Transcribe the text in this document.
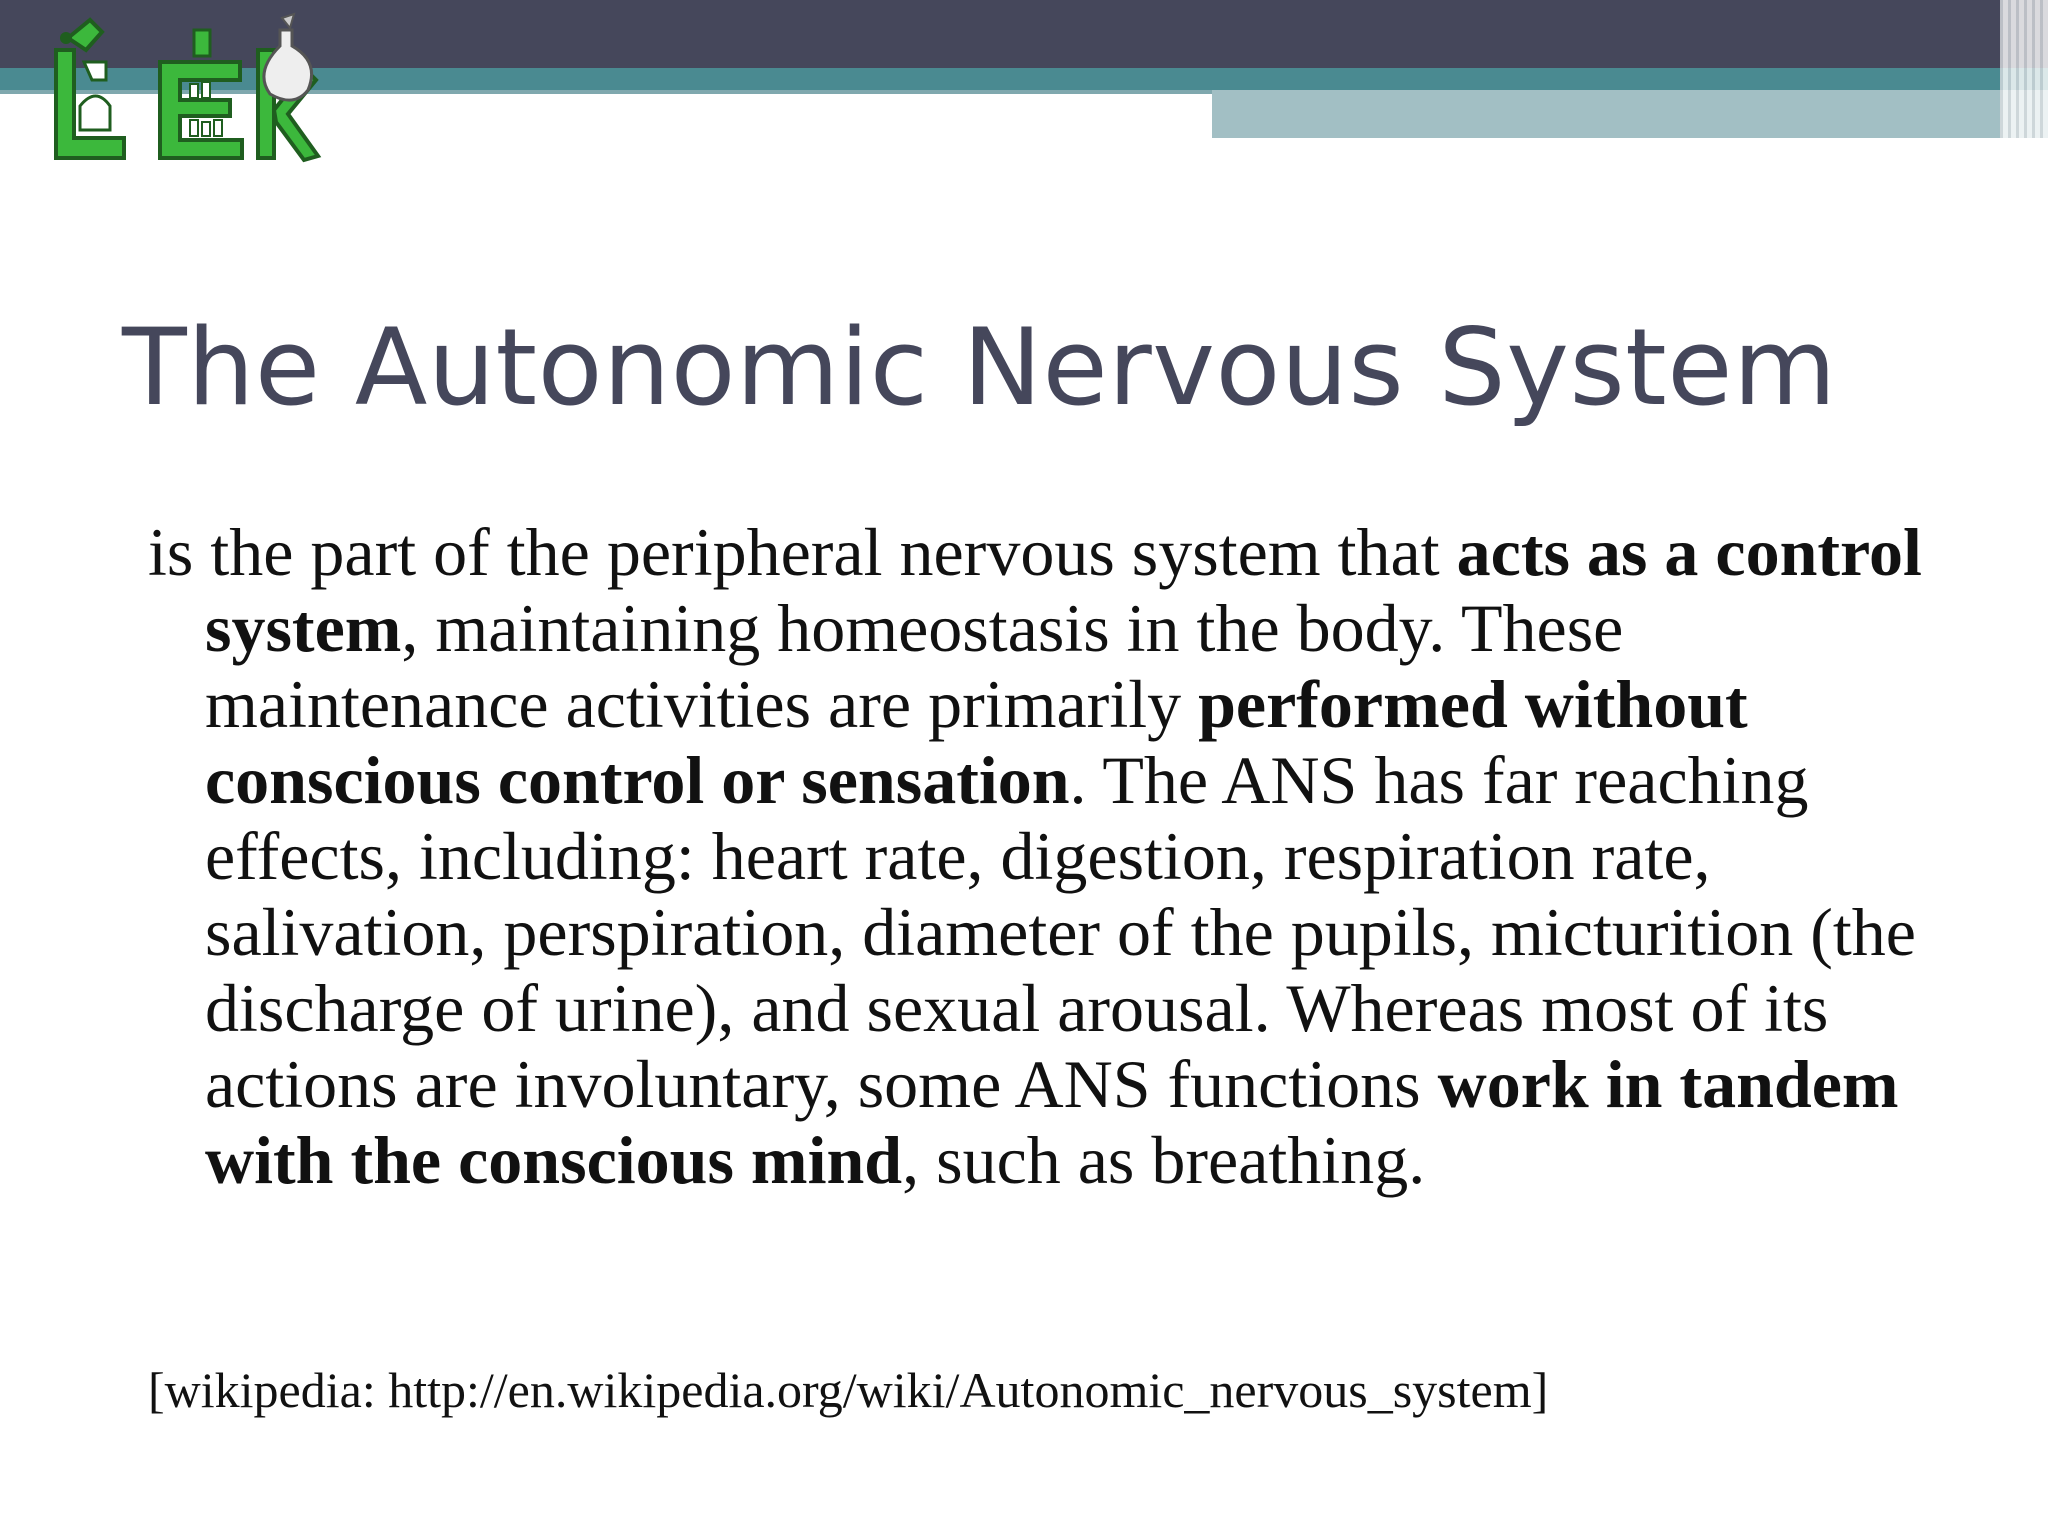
The Autonomic Nervous System

is the part of the peripheral nervous system that acts as a control system, maintaining homeostasis in the body. These maintenance activities are primarily performed without conscious control or sensation. The ANS has far reaching effects, including: heart rate, digestion, respiration rate, salivation, perspiration, diameter of the pupils, micturition (the discharge of urine), and sexual arousal. Whereas most of its actions are involuntary, some ANS functions work in tandem with the conscious mind, such as breathing.

[wikipedia: http://en.wikipedia.org/wiki/Autonomic_nervous_system]
